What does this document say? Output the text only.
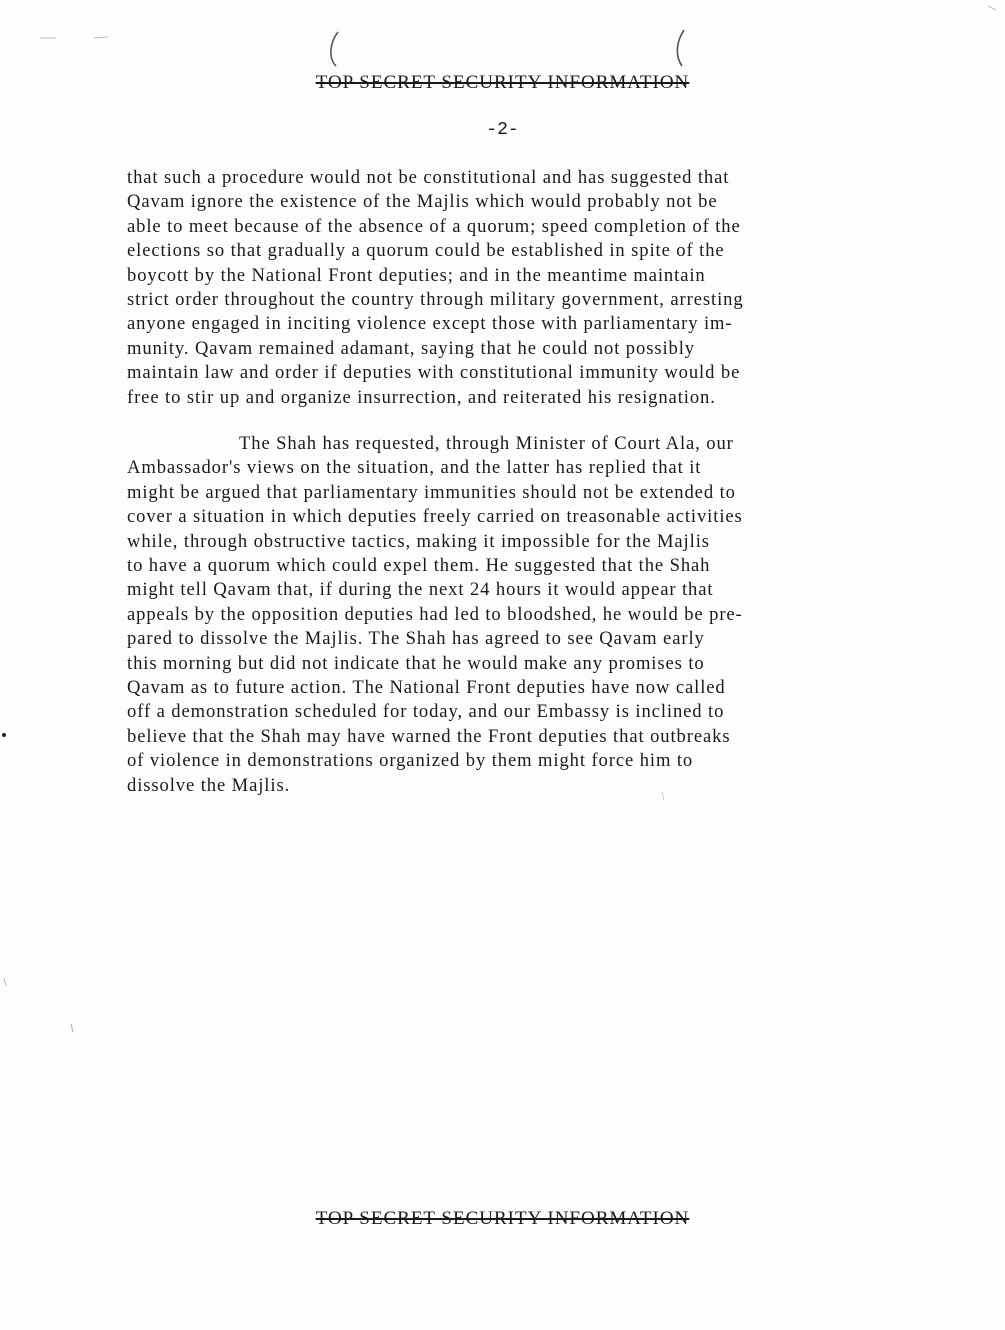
TOP SECRET SECURITY INFORMATION
-2-
that such a procedure would not be constitutional and has suggested that
Qavam ignore the existence of the Majlis which would probably not be
able to meet because of the absence of a quorum; speed completion of the
elections so that gradually a quorum could be established in spite of the
boycott by the National Front deputies; and in the meantime maintain
strict order throughout the country through military government, arresting
anyone engaged in inciting violence except those with parliamentary im-
munity. Qavam remained adamant, saying that he could not possibly
maintain law and order if deputies with constitutional immunity would be
free to stir up and organize insurrection, and reiterated his resignation.
The Shah has requested, through Minister of Court Ala, our
Ambassador's views on the situation, and the latter has replied that it
might be argued that parliamentary immunities should not be extended to
cover a situation in which deputies freely carried on treasonable activities
while, through obstructive tactics, making it impossible for the Majlis
to have a quorum which could expel them. He suggested that the Shah
might tell Qavam that, if during the next 24 hours it would appear that
appeals by the opposition deputies had led to bloodshed, he would be pre-
pared to dissolve the Majlis. The Shah has agreed to see Qavam early
this morning but did not indicate that he would make any promises to
Qavam as to future action. The National Front deputies have now called
off a demonstration scheduled for today, and our Embassy is inclined to
believe that the Shah may have warned the Front deputies that outbreaks
of violence in demonstrations organized by them might force him to
dissolve the Majlis.
TOP SECRET SECURITY INFORMATION
